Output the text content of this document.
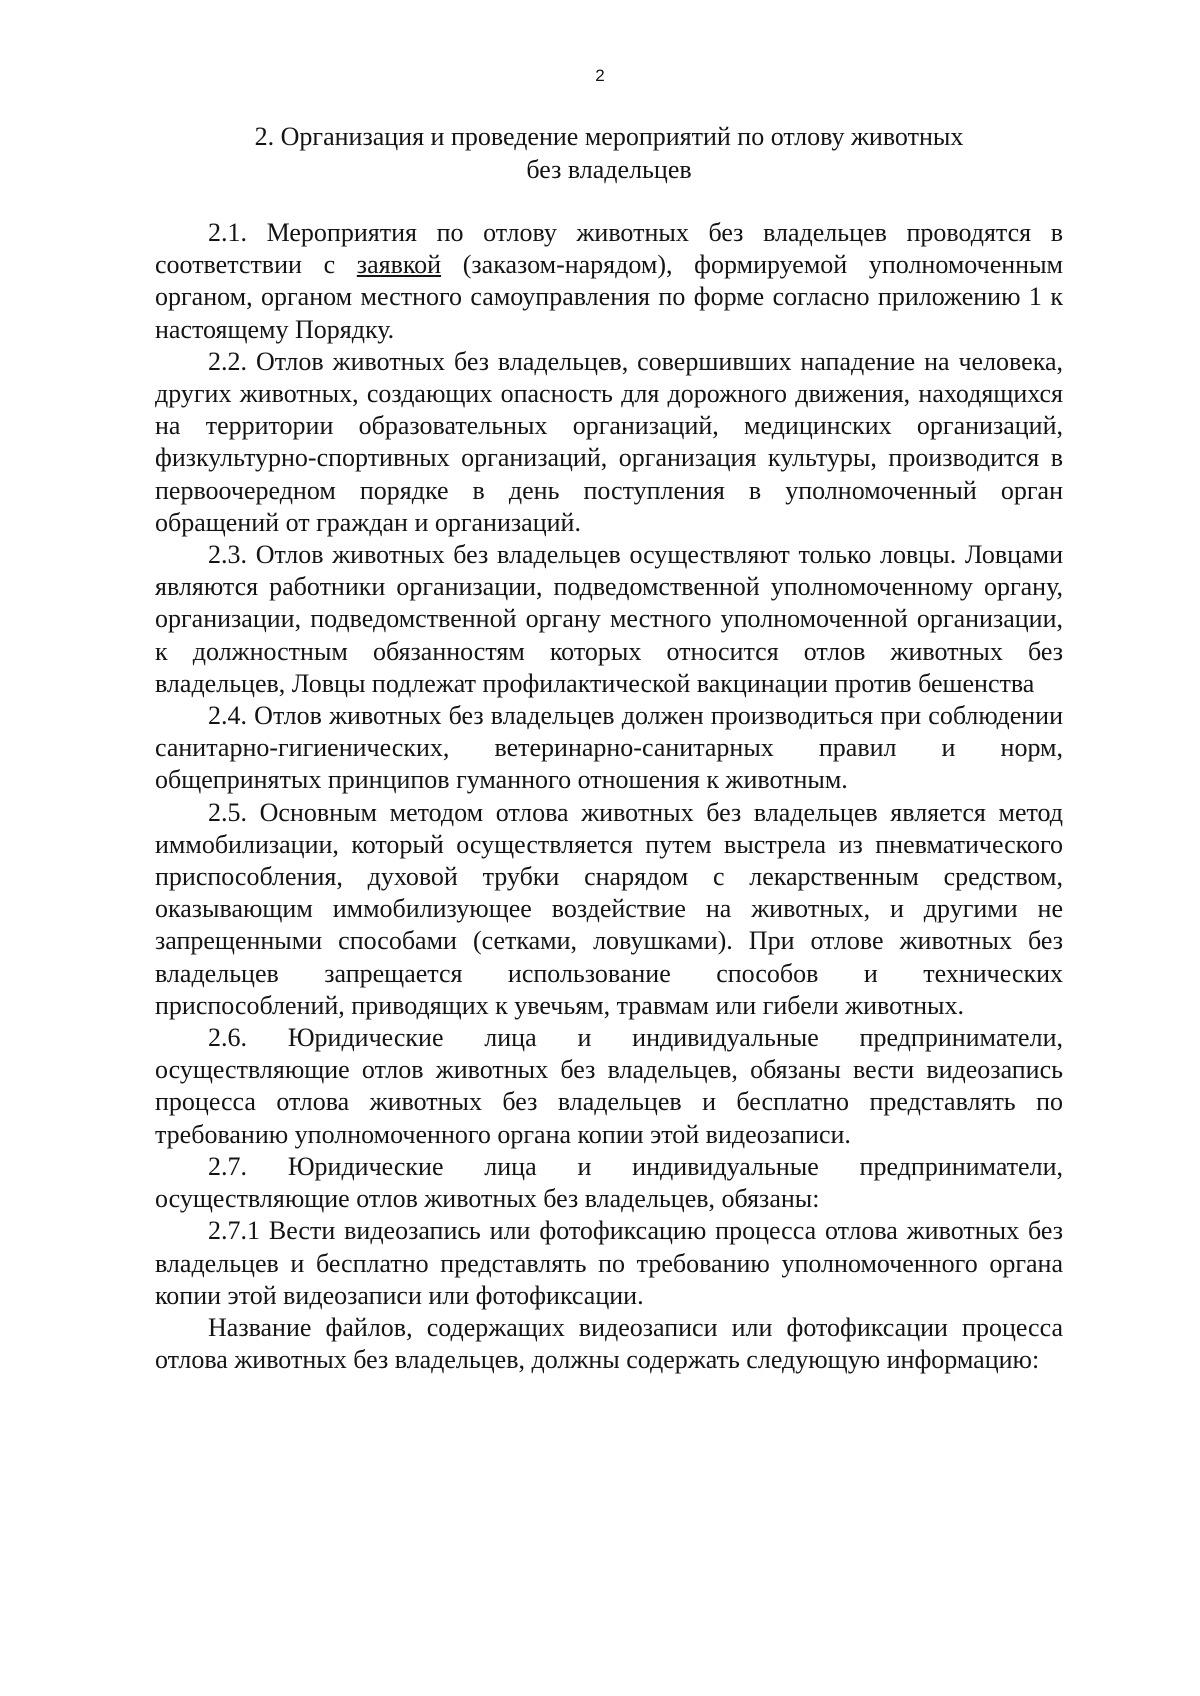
2
2. Организация и проведение мероприятий по отлову животных
без владельцев

2.1. Мероприятия по отлову животных без владельцев проводятся в соответствии с заявкой (заказом-нарядом), формируемой уполномоченным органом, органом местного самоуправления по форме согласно приложению 1 к настоящему Порядку.

2.2. Отлов животных без владельцев, совершивших нападение на человека, других животных, создающих опасность для дорожного движения, находящихся на территории образовательных организаций, медицинских организаций, физкультурно-спортивных организаций, организация культуры, производится в первоочередном порядке в день поступления в уполномоченный орган обращений от граждан и организаций.

2.3. Отлов животных без владельцев осуществляют только ловцы. Ловцами являются работники организации, подведомственной уполномоченному органу, организации, подведомственной органу местного уполномоченной организации, к должностным обязанностям которых относится отлов животных без владельцев, Ловцы подлежат профилактической вакцинации против бешенства

2.4. Отлов животных без владельцев должен производиться при соблюдении санитарно-гигиенических, ветеринарно-санитарных правил и норм, общепринятых принципов гуманного отношения к животным.

2.5. Основным методом отлова животных без владельцев является метод иммобилизации, который осуществляется путем выстрела из пневматического приспособления, духовой трубки снарядом с лекарственным средством, оказывающим иммобилизующее воздействие на животных, и другими не запрещенными способами (сетками, ловушками). При отлове животных без владельцев запрещается использование способов и технических приспособлений, приводящих к увечьям, травмам или гибели животных.

2.6. Юридические лица и индивидуальные предприниматели, осуществляющие отлов животных без владельцев, обязаны вести видеозапись процесса отлова животных без владельцев и бесплатно представлять по требованию уполномоченного органа копии этой видеозаписи.

2.7. Юридические лица и индивидуальные предприниматели, осуществляющие отлов животных без владельцев, обязаны:

2.7.1 Вести видеозапись или фотофиксацию процесса отлова животных без владельцев и бесплатно представлять по требованию уполномоченного органа копии этой видеозаписи или фотофиксации.

Название файлов, содержащих видеозаписи или фотофиксации процесса отлова животных без владельцев, должны содержать следующую информацию:
